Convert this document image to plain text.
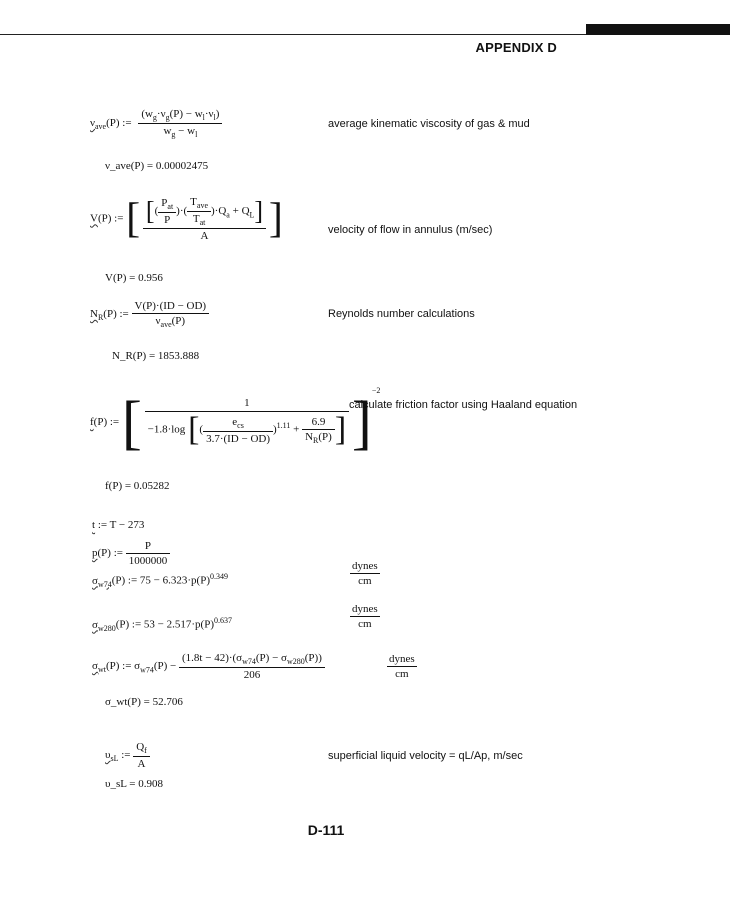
APPENDIX D
$\nu_{ave}(P)$ := $\frac{(w_g\cdot\nu_g(P) - w_l\cdot\nu_l)}{w_g - w_l}$	average kinematic viscosity of gas & mud
ν_ave(P) = 0.00002475
V(P) := [ $\frac{[( \frac{P_{at}}{P} )\cdot( \frac{T_{ave}}{T_{at}} )\cdot Q_a + Q_L]}{A}$ ]	velocity of flow in annulus (m/sec)
V(P) = 0.956
$N_R(P)$ := $\frac{V(P)\cdot(ID - OD)}{\nu_{ave}(P)}$	Reynolds number calculations
N_R(P) = 1853.888
f(P) := [ $\frac{1}{-1.8\cdot\log [( \frac{e_{cs}}{3.7\cdot(ID - OD)} )^{1.11} + \frac{6.9}{N_R(P)} ]} ]^{-2}$
calculate friction factor using Haaland equation
f(P) = 0.05282
t := T − 273
p(P) := $\frac{P}{1000000}$
$\sigma_{w74}(P)$ := $75 - 6.323\cdot p(P)^{0.349}$
dynes
cm
$\sigma_{w280}(P)$ := $53 - 2.517\cdot p(P)^{0.637}$
dynes
cm
$\sigma_{wt}(P)$ := $\sigma_{w74}(P) - \frac{(1.8t - 42)\cdot(\sigma_{w74}(P) - \sigma_{w280}(P))}{206}$	dynes
cm
σ_wt(P) = 52.706
$\upsilon_{sL}$ := $\frac{Q_f}{A}$	superficial liquid velocity = qL/Ap, m/sec
υ_sL = 0.908
D-111
